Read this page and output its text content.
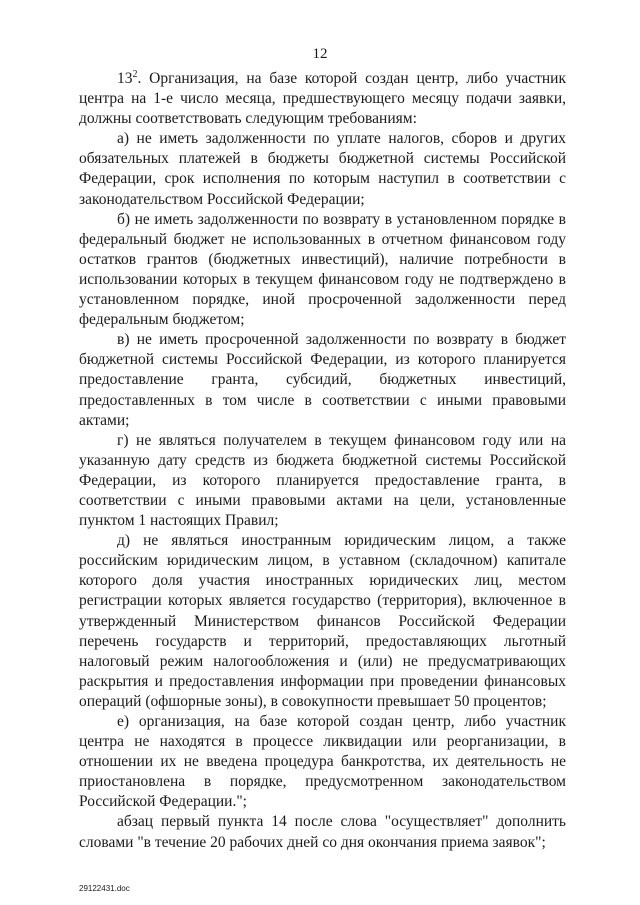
12

$13^2$. Организация, на базе которой создан центр, либо участник центра на 1-е число месяца, предшествующего месяцу подачи заявки, должны соответствовать следующим требованиям:

а) не иметь задолженности по уплате налогов, сборов и других обязательных платежей в бюджеты бюджетной системы Российской Федерации, срок исполнения по которым наступил в соответствии с законодательством Российской Федерации;

б) не иметь задолженности по возврату в установленном порядке в федеральный бюджет не использованных в отчетном финансовом году остатков грантов (бюджетных инвестиций), наличие потребности в использовании которых в текущем финансовом году не подтверждено в установленном порядке, иной просроченной задолженности перед федеральным бюджетом;

в) не иметь просроченной задолженности по возврату в бюджет бюджетной системы Российской Федерации, из которого планируется предоставление гранта, субсидий, бюджетных инвестиций, предоставленных в том числе в соответствии с иными правовыми актами;

г) не являться получателем в текущем финансовом году или на указанную дату средств из бюджета бюджетной системы Российской Федерации, из которого планируется предоставление гранта, в соответствии с иными правовыми актами на цели, установленные пунктом 1 настоящих Правил;

д) не являться иностранным юридическим лицом, а также российским юридическим лицом, в уставном (складочном) капитале которого доля участия иностранных юридических лиц, местом регистрации которых является государство (территория), включенное в утвержденный Министерством финансов Российской Федерации перечень государств и территорий, предоставляющих льготный налоговый режим налогообложения и (или) не предусматривающих раскрытия и предоставления информации при проведении финансовых операций (офшорные зоны), в совокупности превышает 50 процентов;

е) организация, на базе которой создан центр, либо участник центра не находятся в процессе ликвидации или реорганизации, в отношении их не введена процедура банкротства, их деятельность не приостановлена в порядке, предусмотренном законодательством Российской Федерации.";

абзац первый пункта 14 после слова "осуществляет" дополнить словами "в течение 20 рабочих дней со дня окончания приема заявок";

29122431.doc
